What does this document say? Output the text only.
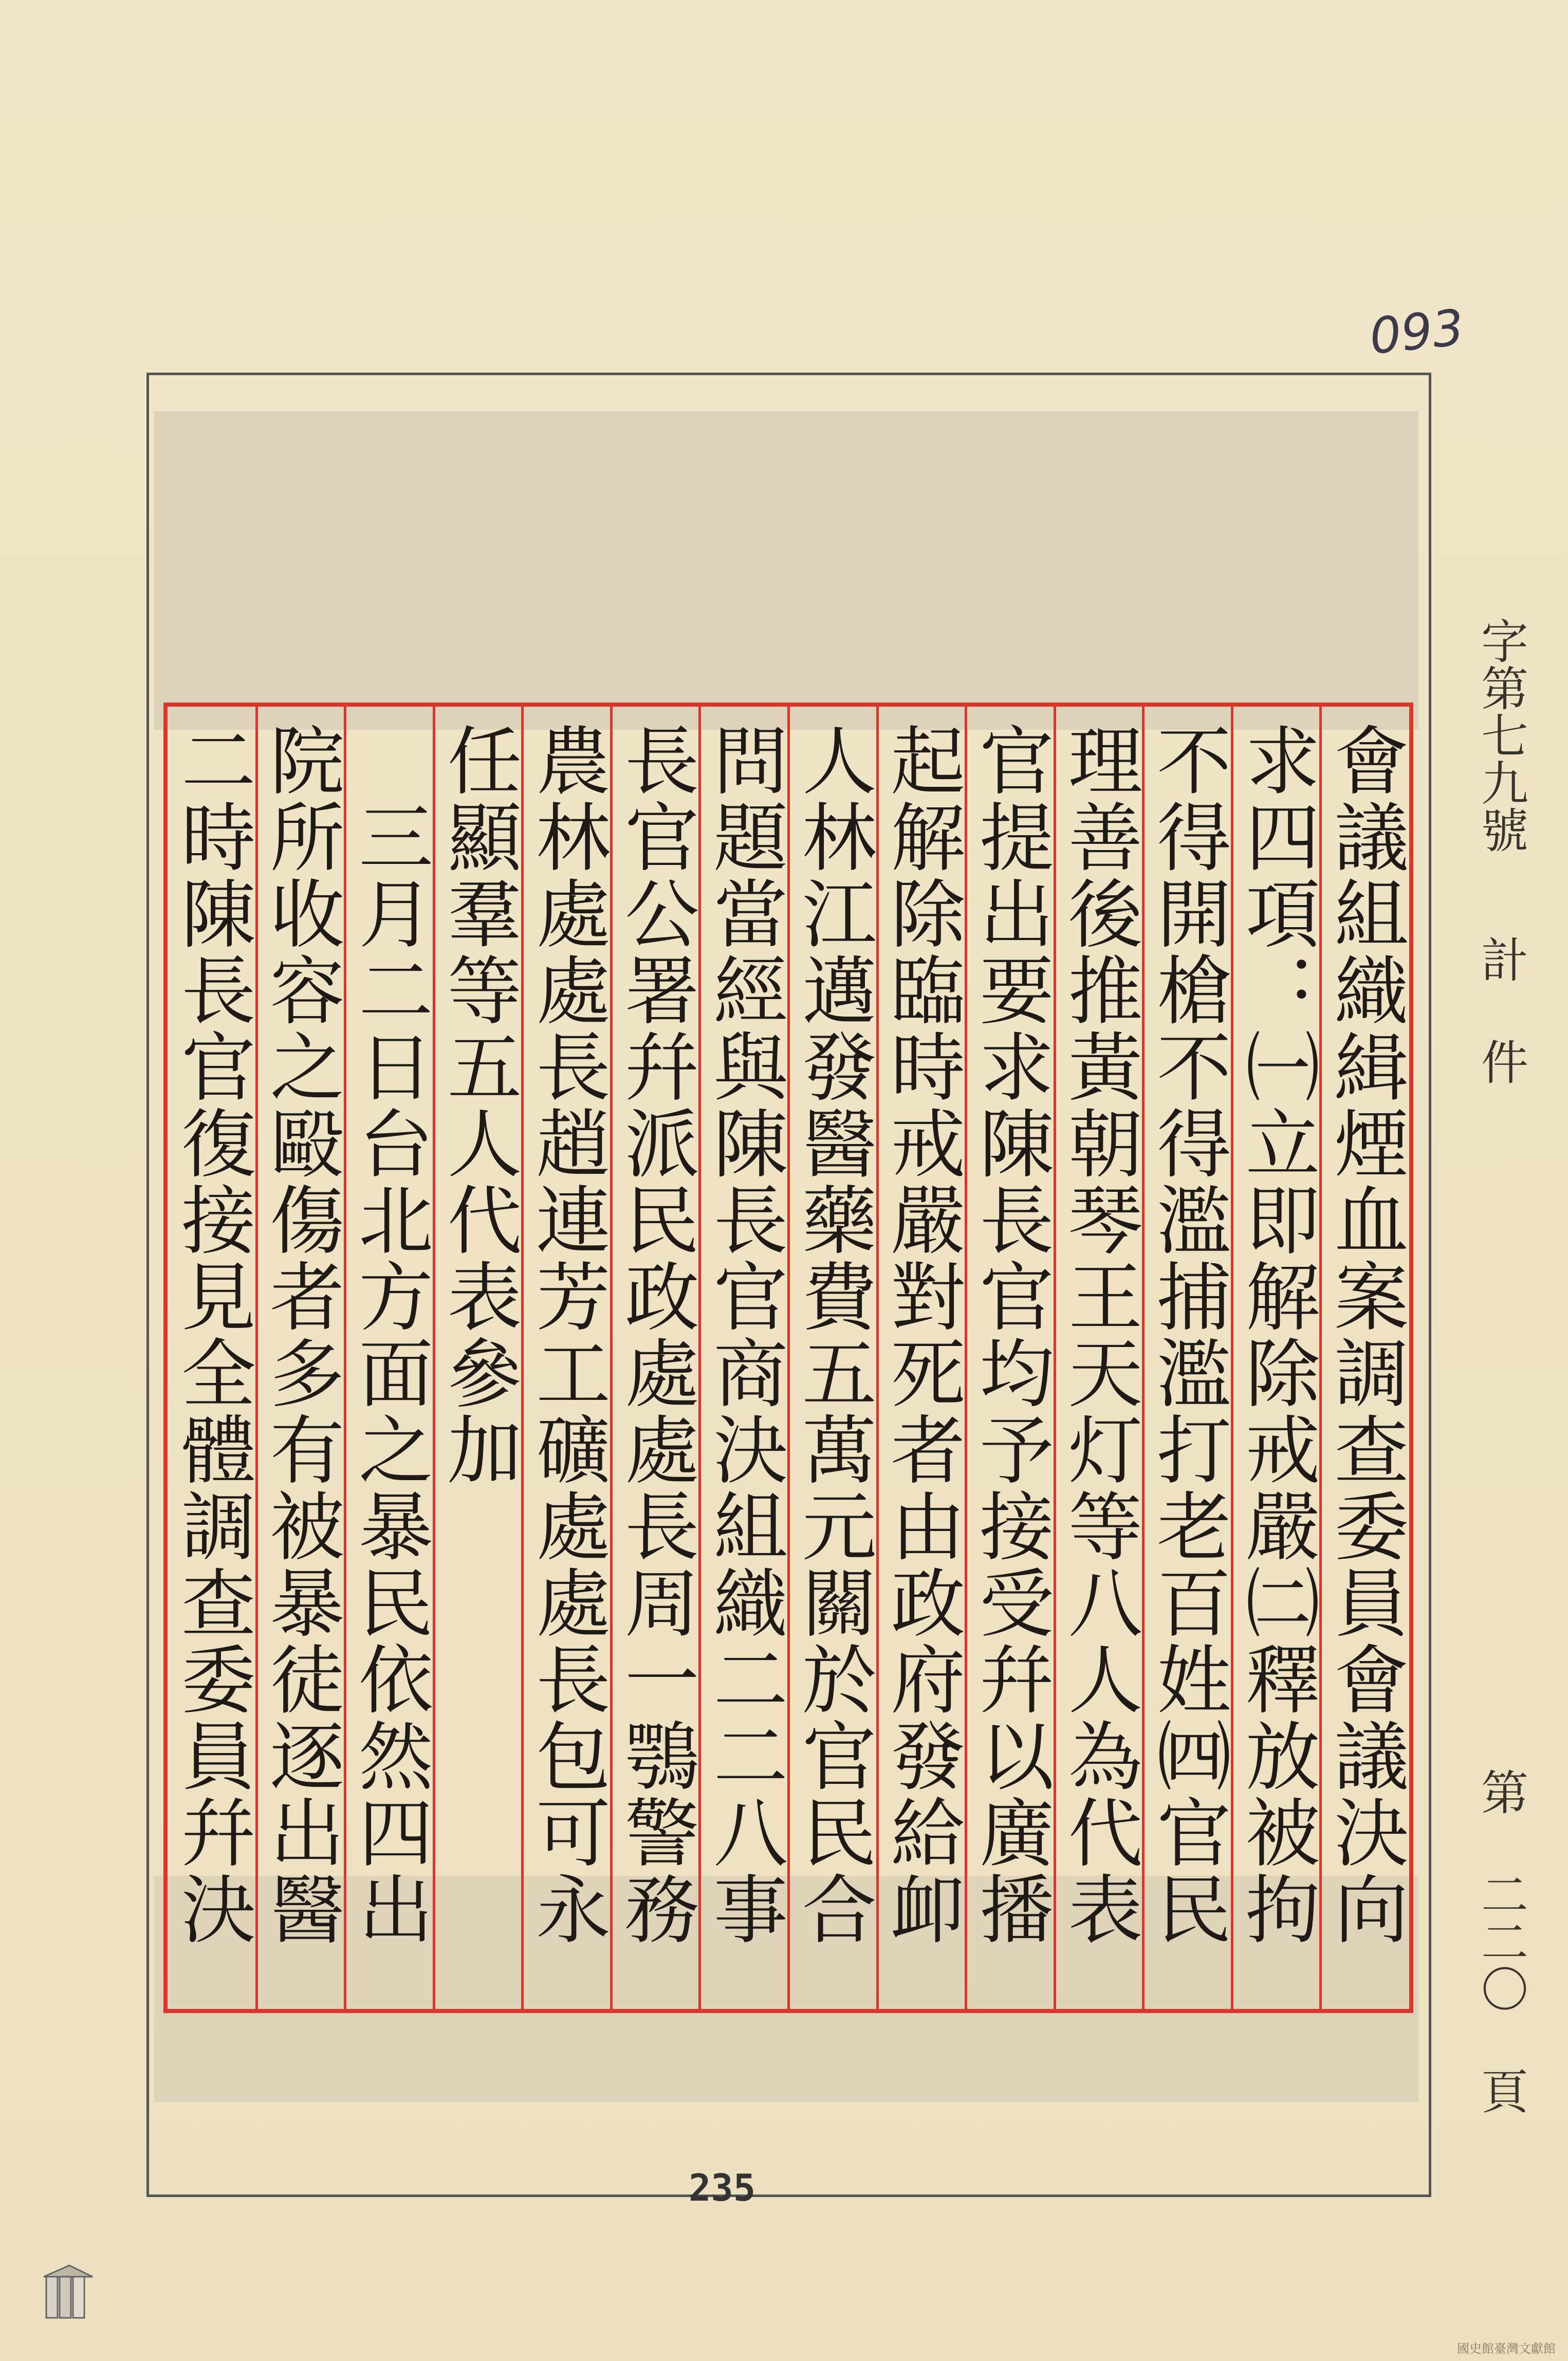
093
字第七九號
計 件
第 二二〇 頁
會議組織緝煙血案調查委員會議決向
求四項：㈠立即解除戒嚴㈡釋放被拘
不得開槍不得濫捕濫打老百姓㈣官民
理善後推黃朝琴王天灯等八人為代表
官提出要求陳長官均予接受幷以廣播
起解除臨時戒嚴對死者由政府發給卹
人林江邁發醫藥費五萬元關於官民合
問題當經與陳長官商決組織二二八事
長官公署幷派民政處處長周一鶚警務
農林處處長趙連芳工礦處處長包可永
任顯羣等五人代表參加
　三月二日台北方面之暴民依然四出
院所收容之毆傷者多有被暴徒逐出醫
二時陳長官復接見全體調查委員幷決
235
國史館臺灣文獻館
